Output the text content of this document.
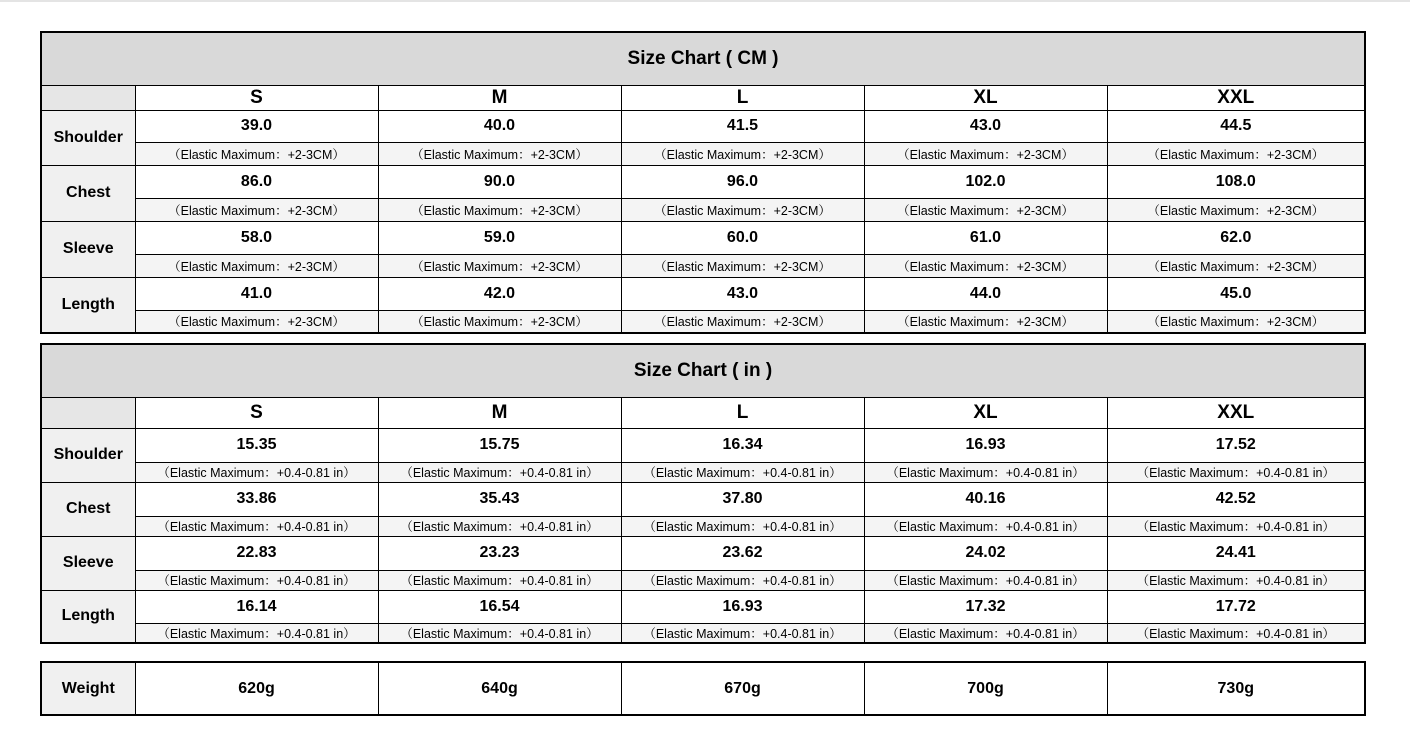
Size Chart ( CM )					
	S	M	L	XL	XXL
Shoulder	39.0	40.0	41.5	43.0	44.5
	（Elastic Maximum：+2-3CM）	（Elastic Maximum：+2-3CM）	（Elastic Maximum：+2-3CM）	（Elastic Maximum：+2-3CM）	（Elastic Maximum：+2-3CM）
Chest	86.0	90.0	96.0	102.0	108.0
	（Elastic Maximum：+2-3CM）	（Elastic Maximum：+2-3CM）	（Elastic Maximum：+2-3CM）	（Elastic Maximum：+2-3CM）	（Elastic Maximum：+2-3CM）
Sleeve	58.0	59.0	60.0	61.0	62.0
	（Elastic Maximum：+2-3CM）	（Elastic Maximum：+2-3CM）	（Elastic Maximum：+2-3CM）	（Elastic Maximum：+2-3CM）	（Elastic Maximum：+2-3CM）
Length	41.0	42.0	43.0	44.0	45.0
	（Elastic Maximum：+2-3CM）	（Elastic Maximum：+2-3CM）	（Elastic Maximum：+2-3CM）	（Elastic Maximum：+2-3CM）	（Elastic Maximum：+2-3CM）
Size Chart ( in )					
	S	M	L	XL	XXL
Shoulder	15.35	15.75	16.34	16.93	17.52
	（Elastic Maximum：+0.4-0.81 in）	（Elastic Maximum：+0.4-0.81 in）	（Elastic Maximum：+0.4-0.81 in）	（Elastic Maximum：+0.4-0.81 in）	（Elastic Maximum：+0.4-0.81 in）
Chest	33.86	35.43	37.80	40.16	42.52
	（Elastic Maximum：+0.4-0.81 in）	（Elastic Maximum：+0.4-0.81 in）	（Elastic Maximum：+0.4-0.81 in）	（Elastic Maximum：+0.4-0.81 in）	（Elastic Maximum：+0.4-0.81 in）
Sleeve	22.83	23.23	23.62	24.02	24.41
	（Elastic Maximum：+0.4-0.81 in）	（Elastic Maximum：+0.4-0.81 in）	（Elastic Maximum：+0.4-0.81 in）	（Elastic Maximum：+0.4-0.81 in）	（Elastic Maximum：+0.4-0.81 in）
Length	16.14	16.54	16.93	17.32	17.72
	（Elastic Maximum：+0.4-0.81 in）	（Elastic Maximum：+0.4-0.81 in）	（Elastic Maximum：+0.4-0.81 in）	（Elastic Maximum：+0.4-0.81 in）	（Elastic Maximum：+0.4-0.81 in）
Weight	620g	640g	670g	700g	730g
